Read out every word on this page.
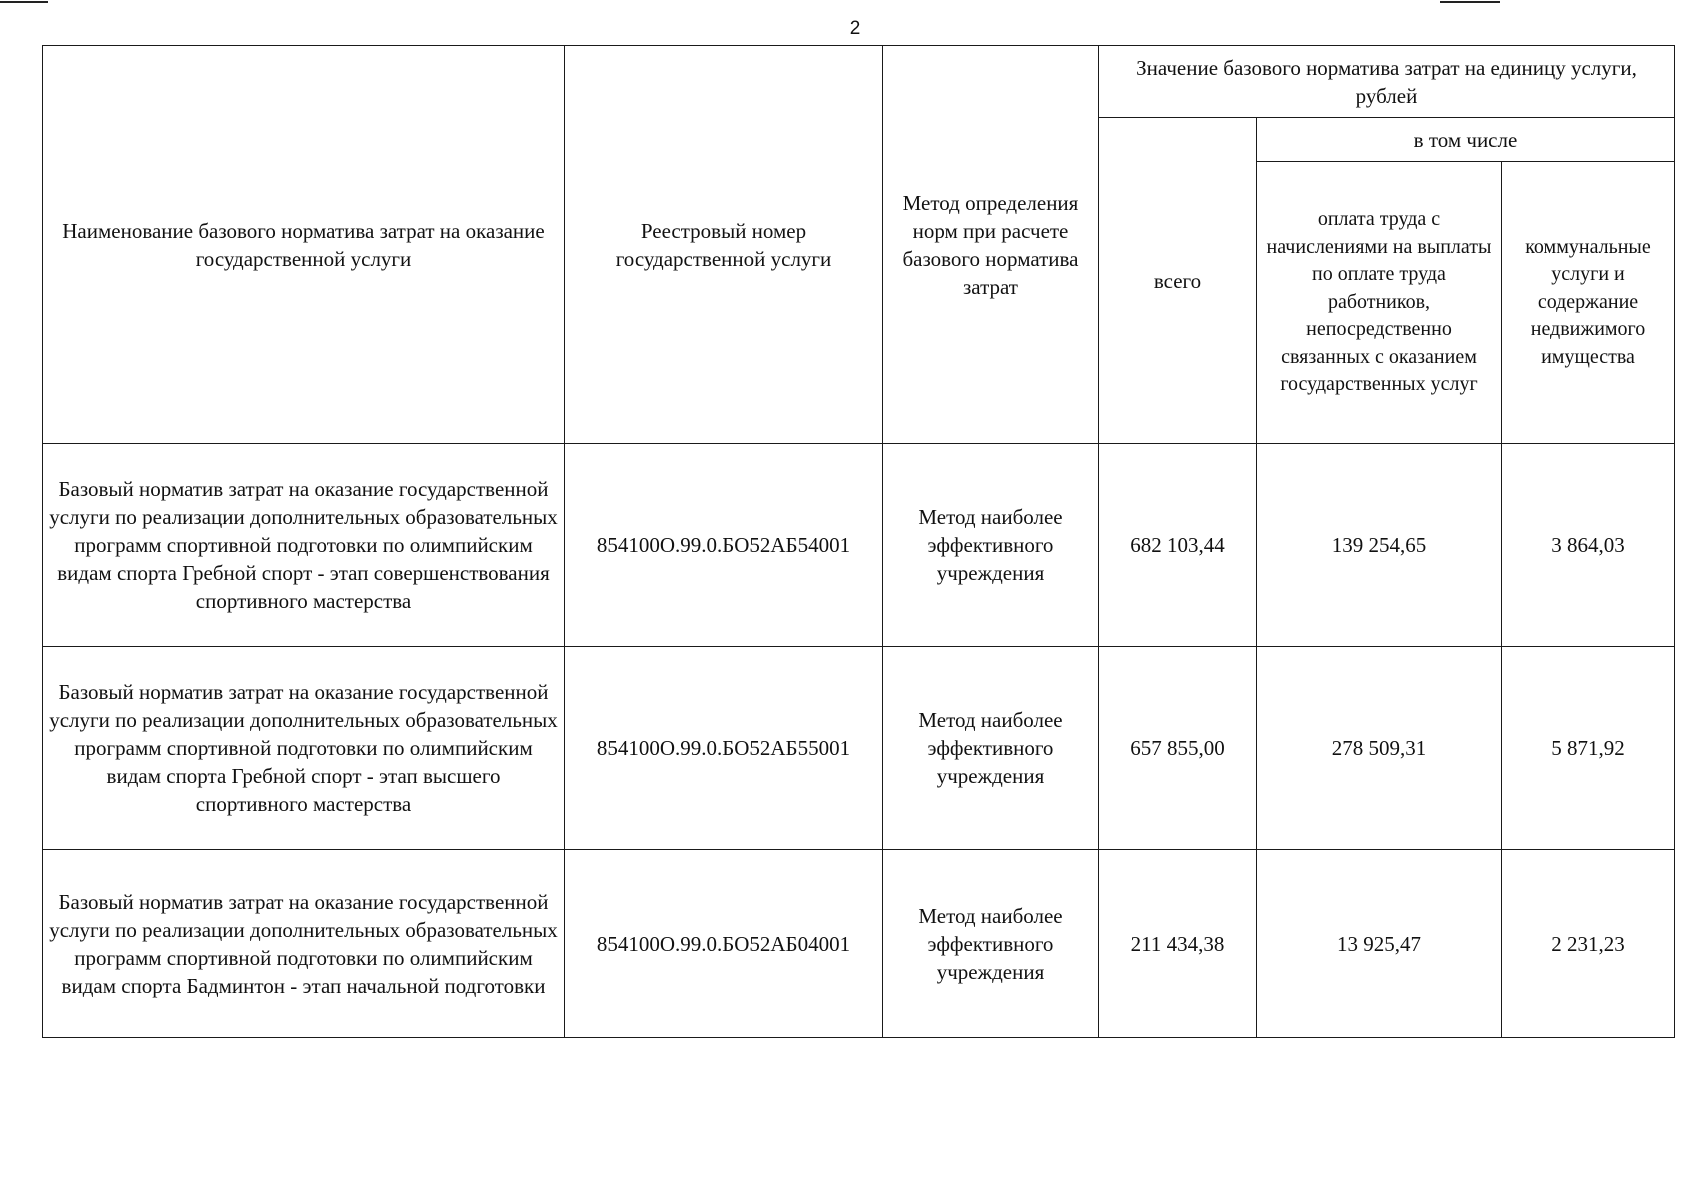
2
Наименование базового норматива затрат на оказание государственной услуги	Реестровый номер государственной услуги	Метод определения норм при расчете базового норматива затрат	Значение базового норматива затрат на единицу услуги, рублей		
			всего	в том числе	
				оплата труда с начислениями на выплаты по оплате труда работников, непосредственно связанных с оказанием государственных услуг	коммунальные услуги и содержание недвижимого имущества
Базовый норматив затрат на оказание государственной услуги по реализации дополнительных образовательных программ спортивной подготовки по олимпийским видам спорта Гребной спорт - этап совершенствования спортивного мастерства	854100О.99.0.БО52АБ54001	Метод наиболее эффективного учреждения	682 103,44	139 254,65	3 864,03
Базовый норматив затрат на оказание государственной услуги по реализации дополнительных образовательных программ спортивной подготовки по олимпийским видам спорта Гребной спорт - этап высшего спортивного мастерства	854100О.99.0.БО52АБ55001	Метод наиболее эффективного учреждения	657 855,00	278 509,31	5 871,92
Базовый норматив затрат на оказание государственной услуги по реализации дополнительных образовательных программ спортивной подготовки по олимпийским видам спорта Бадминтон - этап начальной подготовки	854100О.99.0.БО52АБ04001	Метод наиболее эффективного учреждения	211 434,38	13 925,47	2 231,23
